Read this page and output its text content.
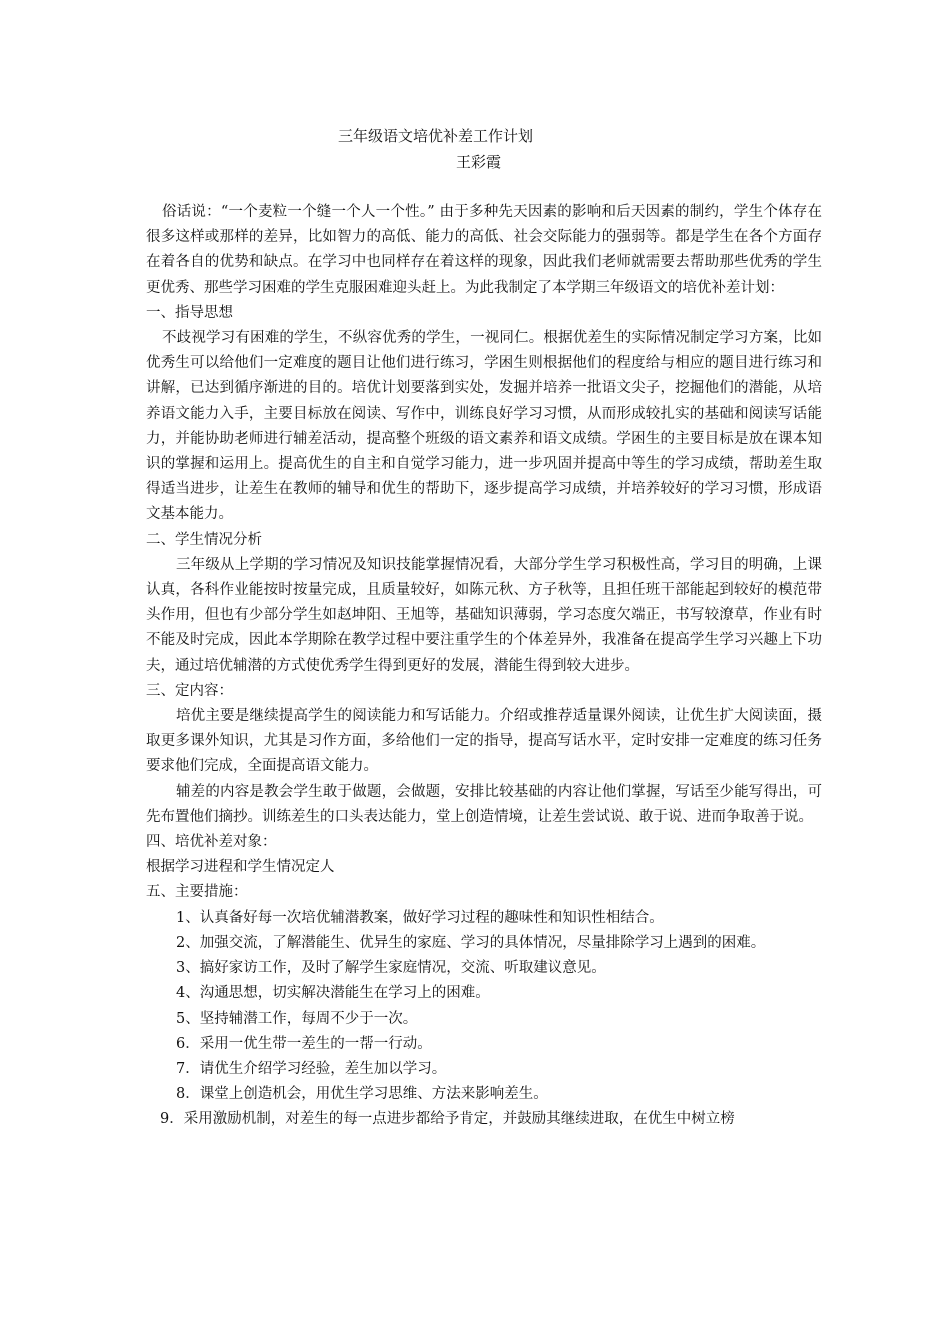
三年级语文培优补差工作计划
王彩霞

俗话说：“一个麦粒一个缝一个人一个性。” 由于多种先天因素的影响和后天因素的制约，学生个体存在很多这样或那样的差异，比如智力的高低、能力的高低、社会交际能力的强弱等。都是学生在各个方面存在着各自的优势和缺点。在学习中也同样存在着这样的现象，因此我们老师就需要去帮助那些优秀的学生更优秀、那些学习困难的学生克服困难迎头赶上。为此我制定了本学期三年级语文的培优补差计划：

一、指导思想

不歧视学习有困难的学生，不纵容优秀的学生，一视同仁。根据优差生的实际情况制定学习方案，比如优秀生可以给他们一定难度的题目让他们进行练习，学困生则根据他们的程度给与相应的题目进行练习和讲解，已达到循序渐进的目的。培优计划要落到实处，发掘并培养一批语文尖子，挖掘他们的潜能，从培养语文能力入手，主要目标放在阅读、写作中，训练良好学习习惯，从而形成较扎实的基础和阅读写话能力，并能协助老师进行辅差活动，提高整个班级的语文素养和语文成绩。学困生的主要目标是放在课本知识的掌握和运用上。提高优生的自主和自觉学习能力，进一步巩固并提高中等生的学习成绩，帮助差生取得适当进步，让差生在教师的辅导和优生的帮助下，逐步提高学习成绩，并培养较好的学习习惯，形成语文基本能力。

二、学生情况分析

三年级从上学期的学习情况及知识技能掌握情况看，大部分学生学习积极性高，学习目的明确，上课认真，各科作业能按时按量完成，且质量较好，如陈元秋、方子秋等，且担任班干部能起到较好的模范带头作用，但也有少部分学生如赵坤阳、王旭等，基础知识薄弱，学习态度欠端正，书写较潦草，作业有时不能及时完成，因此本学期除在教学过程中要注重学生的个体差异外，我准备在提高学生学习兴趣上下功夫，通过培优辅潜的方式使优秀学生得到更好的发展，潜能生得到较大进步。

三、定内容：

培优主要是继续提高学生的阅读能力和写话能力。介绍或推荐适量课外阅读，让优生扩大阅读面，摄取更多课外知识，尤其是习作方面，多给他们一定的指导，提高写话水平，定时安排一定难度的练习任务要求他们完成，全面提高语文能力。

辅差的内容是教会学生敢于做题，会做题，安排比较基础的内容让他们掌握，写话至少能写得出，可先布置他们摘抄。训练差生的口头表达能力，堂上创造情境，让差生尝试说、敢于说、进而争取善于说。

四、培优补差对象：

根据学习进程和学生情况定人

五、主要措施：

1、认真备好每一次培优辅潜教案，做好学习过程的趣味性和知识性相结合。

2、加强交流，了解潜能生、优异生的家庭、学习的具体情况，尽量排除学习上遇到的困难。

3、搞好家访工作，及时了解学生家庭情况，交流、听取建议意见。

4、沟通思想，切实解决潜能生在学习上的困难。

5、坚持辅潜工作，每周不少于一次。

6．采用一优生带一差生的一帮一行动。

7．请优生介绍学习经验，差生加以学习。

8．课堂上创造机会，用优生学习思维、方法来影响差生。

9．采用激励机制，对差生的每一点进步都给予肯定，并鼓励其继续进取，在优生中树立榜
